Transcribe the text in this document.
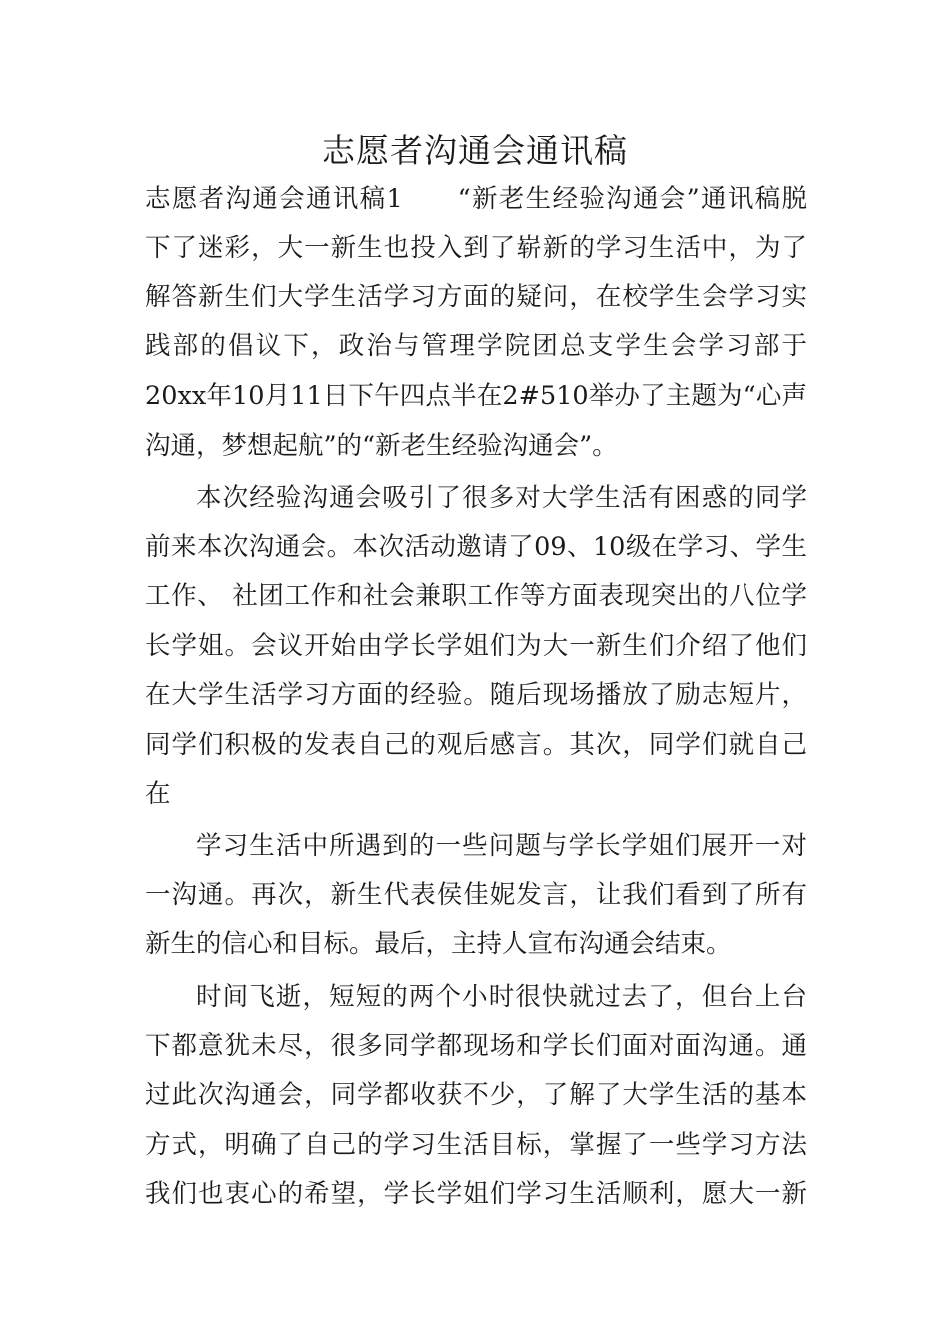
志愿者沟通会通讯稿
志愿者沟通会通讯稿1　　“新老生经验沟通会”通讯稿脱
下了迷彩，大一新生也投入到了崭新的学习生活中，为了
解答新生们大学生活学习方面的疑问，在校学生会学习实
践部的倡议下，政治与管理学院团总支学生会学习部于
20xx年10月11日下午四点半在2#510举办了主题为“心声
沟通，梦想起航”的“新老生经验沟通会”。
本次经验沟通会吸引了很多对大学生活有困惑的同学
前来本次沟通会。本次活动邀请了09、10级在学习、学生
工作、 社团工作和社会兼职工作等方面表现突出的八位学
长学姐。会议开始由学长学姐们为大一新生们介绍了他们
在大学生活学习方面的经验。随后现场播放了励志短片，
同学们积极的发表自己的观后感言。其次，同学们就自己
在
学习生活中所遇到的一些问题与学长学姐们展开一对
一沟通。再次，新生代表侯佳妮发言，让我们看到了所有
新生的信心和目标。最后，主持人宣布沟通会结束。
时间飞逝，短短的两个小时很快就过去了，但台上台
下都意犹未尽，很多同学都现场和学长们面对面沟通。通
过此次沟通会，同学都收获不少，了解了大学生活的基本
方式，明确了自己的学习生活目标，掌握了一些学习方法
我们也衷心的希望，学长学姐们学习生活顺利，愿大一新
